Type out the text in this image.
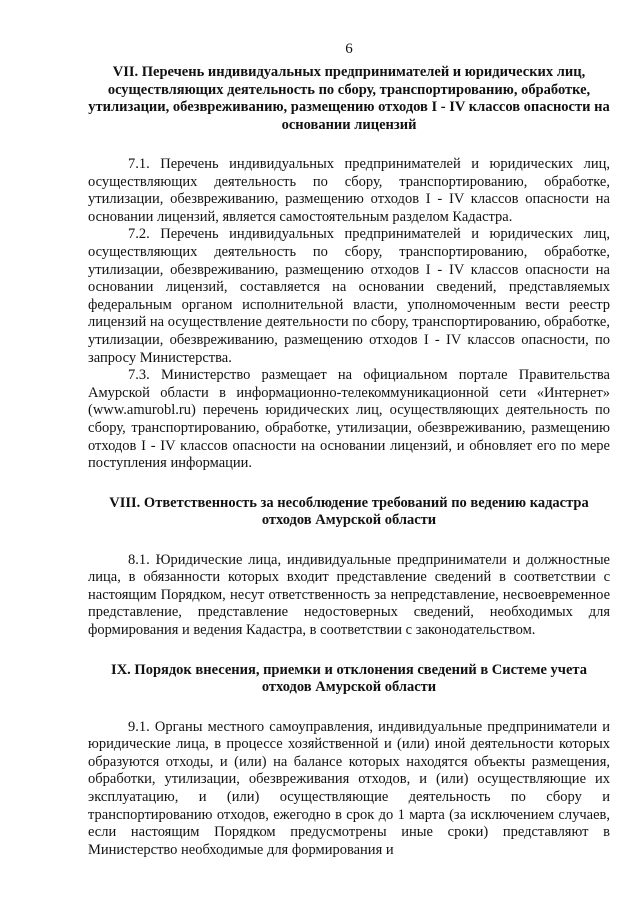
6

VII. Перечень индивидуальных предпринимателей и юридических лиц, осуществляющих деятельность по сбору, транспортированию, обработке, утилизации, обезвреживанию, размещению отходов I - IV классов опасности на основании лицензий

7.1. Перечень индивидуальных предпринимателей и юридических лиц, осуществляющих деятельность по сбору, транспортированию, обработке, утилизации, обезвреживанию, размещению отходов I - IV классов опасности на основании лицензий, является самостоятельным разделом Кадастра.

7.2. Перечень индивидуальных предпринимателей и юридических лиц, осуществляющих деятельность по сбору, транспортированию, обработке, утилизации, обезвреживанию, размещению отходов I - IV классов опасности на основании лицензий, составляется на основании сведений, представляемых федеральным органом исполнительной власти, уполномоченным вести реестр лицензий на осуществление деятельности по сбору, транспортированию, обработке, утилизации, обезвреживанию, размещению отходов I - IV классов опасности, по запросу Министерства.

7.3. Министерство размещает на официальном портале Правительства Амурской области в информационно-телекоммуникационной сети «Интернет» (www.amurobl.ru) перечень юридических лиц, осуществляющих деятельность по сбору, транспортированию, обработке, утилизации, обезвреживанию, размещению отходов I - IV классов опасности на основании лицензий, и обновляет его по мере поступления информации.

VIII. Ответственность за несоблюдение требований по ведению кадастра отходов Амурской области

8.1. Юридические лица, индивидуальные предприниматели и должностные лица, в обязанности которых входит представление сведений в соответствии с настоящим Порядком, несут ответственность за непредставление, несвоевременное представление, представление недостоверных сведений, необходимых для формирования и ведения Кадастра, в соответствии с законодательством.

IX. Порядок внесения, приемки и отклонения сведений в Системе учета отходов Амурской области

9.1. Органы местного самоуправления, индивидуальные предприниматели и юридические лица, в процессе хозяйственной и (или) иной деятельности которых образуются отходы, и (или) на балансе которых находятся объекты размещения, обработки, утилизации, обезвреживания отходов, и (или) осуществляющие их эксплуатацию, и (или) осуществляющие деятельность по сбору и транспортированию отходов, ежегодно в срок до 1 марта (за исключением случаев, если настоящим Порядком предусмотрены иные сроки) представляют в Министерство необходимые для формирования и
